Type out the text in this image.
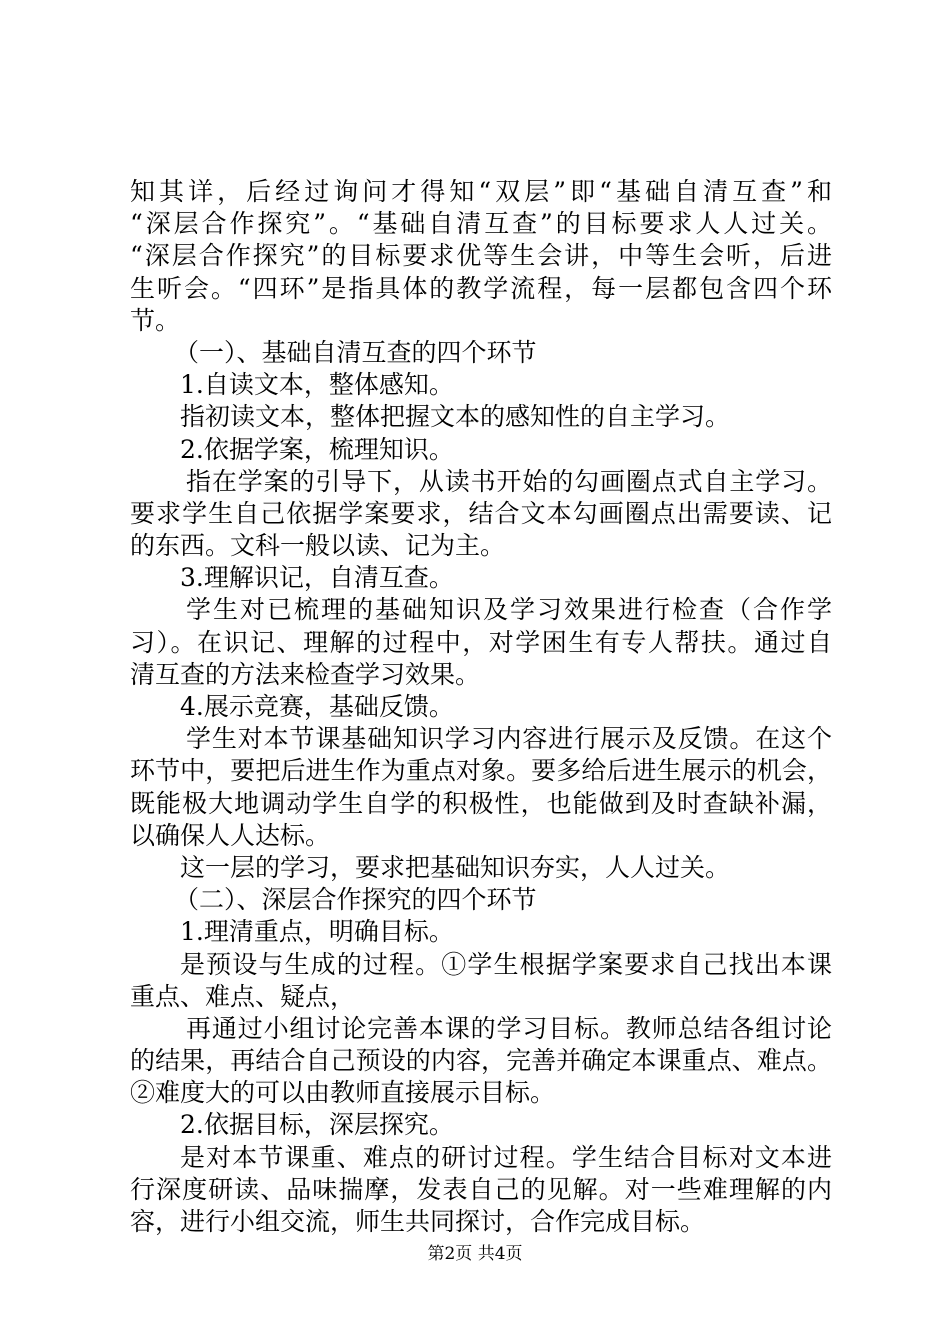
知其详，后经过询问才得知“双层”即“基础自清互查”和
“深层合作探究”。“基础自清互查”的目标要求人人过关。
“深层合作探究”的目标要求优等生会讲，中等生会听，后进
生听会。“四环”是指具体的教学流程，每一层都包含四个环
节。
（一）、基础自清互查的四个环节
1.自读文本，整体感知。
指初读文本，整体把握文本的感知性的自主学习。
2.依据学案，梳理知识。
指在学案的引导下，从读书开始的勾画圈点式自主学习。
要求学生自己依据学案要求，结合文本勾画圈点出需要读、记
的东西。文科一般以读、记为主。
3.理解识记，自清互查。
学生对已梳理的基础知识及学习效果进行检查（合作学
习）。在识记、理解的过程中，对学困生有专人帮扶。通过自
清互查的方法来检查学习效果。
4.展示竞赛，基础反馈。
学生对本节课基础知识学习内容进行展示及反馈。在这个
环节中，要把后进生作为重点对象。要多给后进生展示的机会，
既能极大地调动学生自学的积极性，也能做到及时查缺补漏，
以确保人人达标。
这一层的学习，要求把基础知识夯实，人人过关。
（二）、深层合作探究的四个环节
1.理清重点，明确目标。
是预设与生成的过程。①学生根据学案要求自己找出本课
重点、难点、疑点，
再通过小组讨论完善本课的学习目标。教师总结各组讨论
的结果，再结合自己预设的内容，完善并确定本课重点、难点。
②难度大的可以由教师直接展示目标。
2.依据目标，深层探究。
是对本节课重、难点的研讨过程。学生结合目标对文本进
行深度研读、品味揣摩，发表自己的见解。对一些难理解的内
容，进行小组交流，师生共同探讨，合作完成目标。
第2页 共4页
